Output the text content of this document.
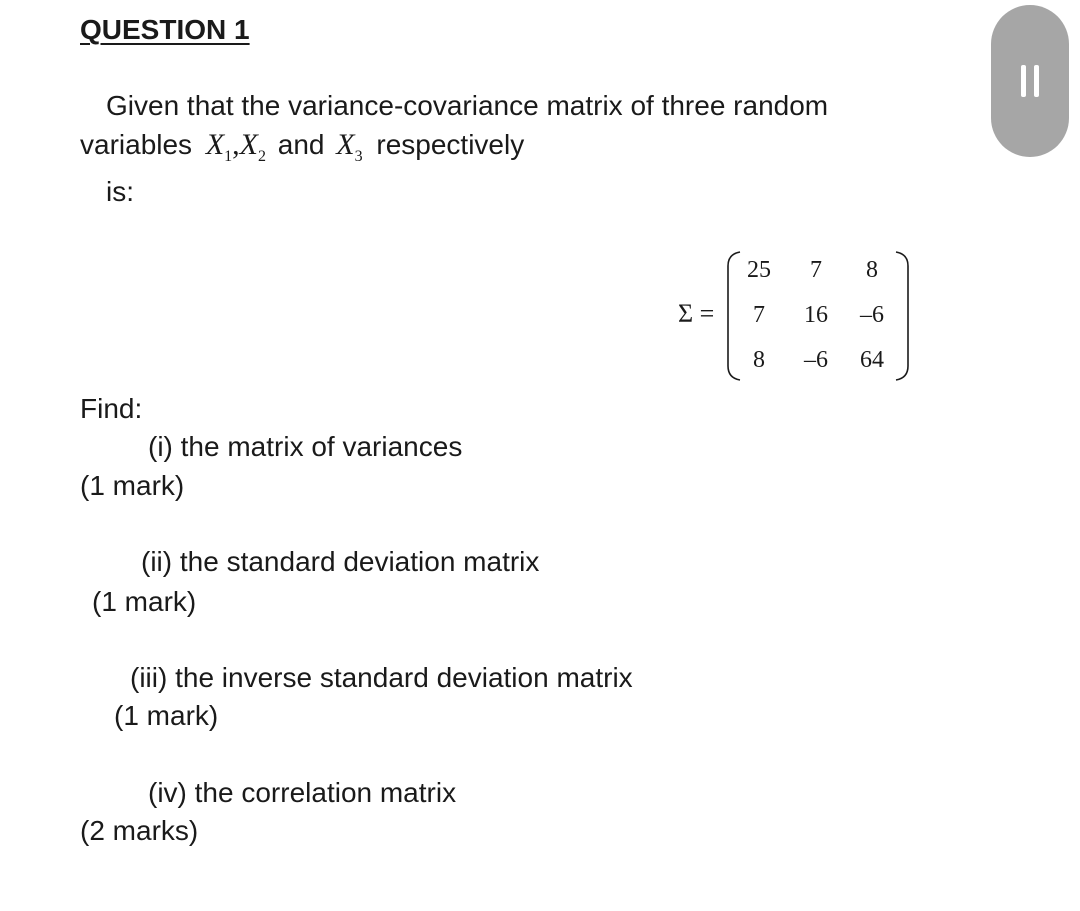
QUESTION 1
Given that the variance-covariance matrix of three random
variables $X_1,X_2$ and $X_3$ respectively
is:
Σ =
25	7	8
7	16	–6
8	–6	64
Find:
(i) the matrix of variances
(1 mark)
(ii) the standard deviation matrix
(1 mark)
(iii) the inverse standard deviation matrix
(1 mark)
(iv) the correlation matrix
(2 marks)
